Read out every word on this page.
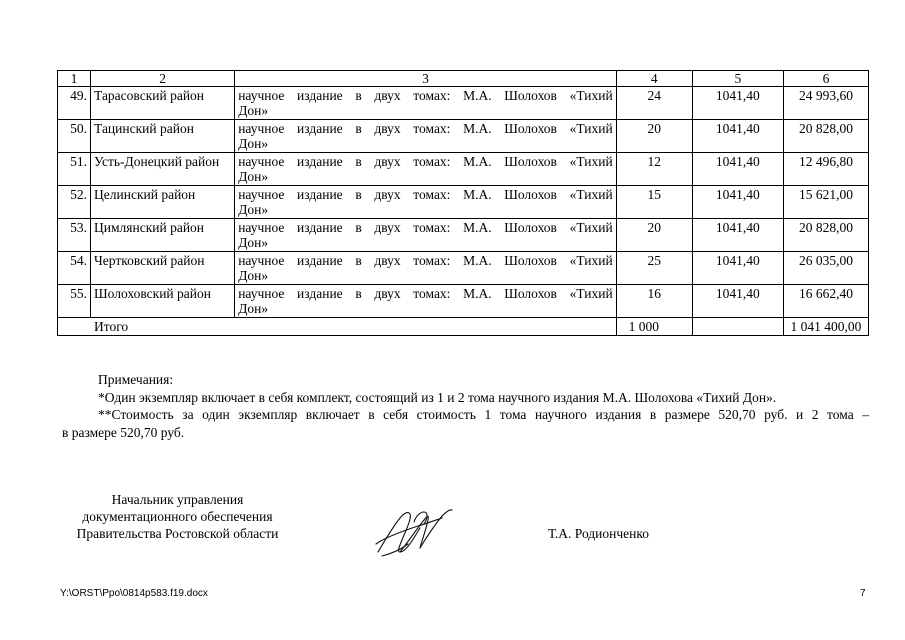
1	2	3	4	5	6
49.	Тарасовский район	научное издание в двух томах: М.А. Шолохов «Тихий
Дон»	24	1041,40	24 993,60
50.	Тацинский район	научное издание в двух томах: М.А. Шолохов «Тихий
Дон»	20	1041,40	20 828,00
51.	Усть-Донецкий район	научное издание в двух томах: М.А. Шолохов «Тихий
Дон»	12	1041,40	12 496,80
52.	Целинский район	научное издание в двух томах: М.А. Шолохов «Тихий
Дон»	15	1041,40	15 621,00
53.	Цимлянский район	научное издание в двух томах: М.А. Шолохов «Тихий
Дон»	20	1041,40	20 828,00
54.	Чертковский район	научное издание в двух томах: М.А. Шолохов «Тихий
Дон»	25	1041,40	26 035,00
55.	Шолоховский район	научное издание в двух томах: М.А. Шолохов «Тихий
Дон»	16	1041,40	16 662,40
Итого			1 000		1 041 400,00
Примечания:
*Один экземпляр включает в себя комплект, состоящий из 1 и 2 тома научного издания М.А. Шолохова «Тихий Дон».
**Стоимость за один экземпляр включает в себя стоимость 1 тома научного издания в размере 520,70 руб. и 2 тома –
в размере 520,70 руб.
Начальник управления
документационного обеспечения
Правительства Ростовской области	Т.А. Родионченко
Y:\ORST\Ppo\0814p583.f19.docx	7
